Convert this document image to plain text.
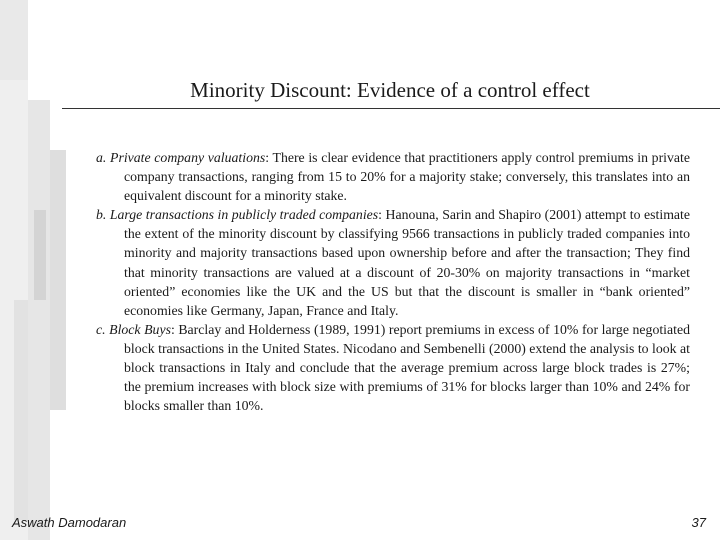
Minority Discount: Evidence of a control effect
a. Private company valuations: There is clear evidence that practitioners apply control premiums in private company transactions, ranging from 15 to 20% for a majority stake; conversely, this translates into an equivalent discount for a minority stake.
b. Large transactions in publicly traded companies: Hanouna, Sarin and Shapiro (2001) attempt to estimate the extent of the minority discount by classifying 9566 transactions in publicly traded companies into minority and majority transactions based upon ownership before and after the transaction; They find that minority transactions are valued at a discount of 20-30% on majority transactions in “market oriented” economies like the UK and the US but that the discount is smaller in “bank oriented” economies like Germany, Japan, France and Italy.
c. Block Buys: Barclay and Holderness (1989, 1991) report premiums in excess of 10% for large negotiated block transactions in the United States. Nicodano and Sembenelli (2000) extend the analysis to look at block transactions in Italy and conclude that the average premium across large block trades is 27%; the premium increases with block size with premiums of 31% for blocks larger than 10% and 24% for blocks smaller than 10%.
Aswath Damodaran	37
